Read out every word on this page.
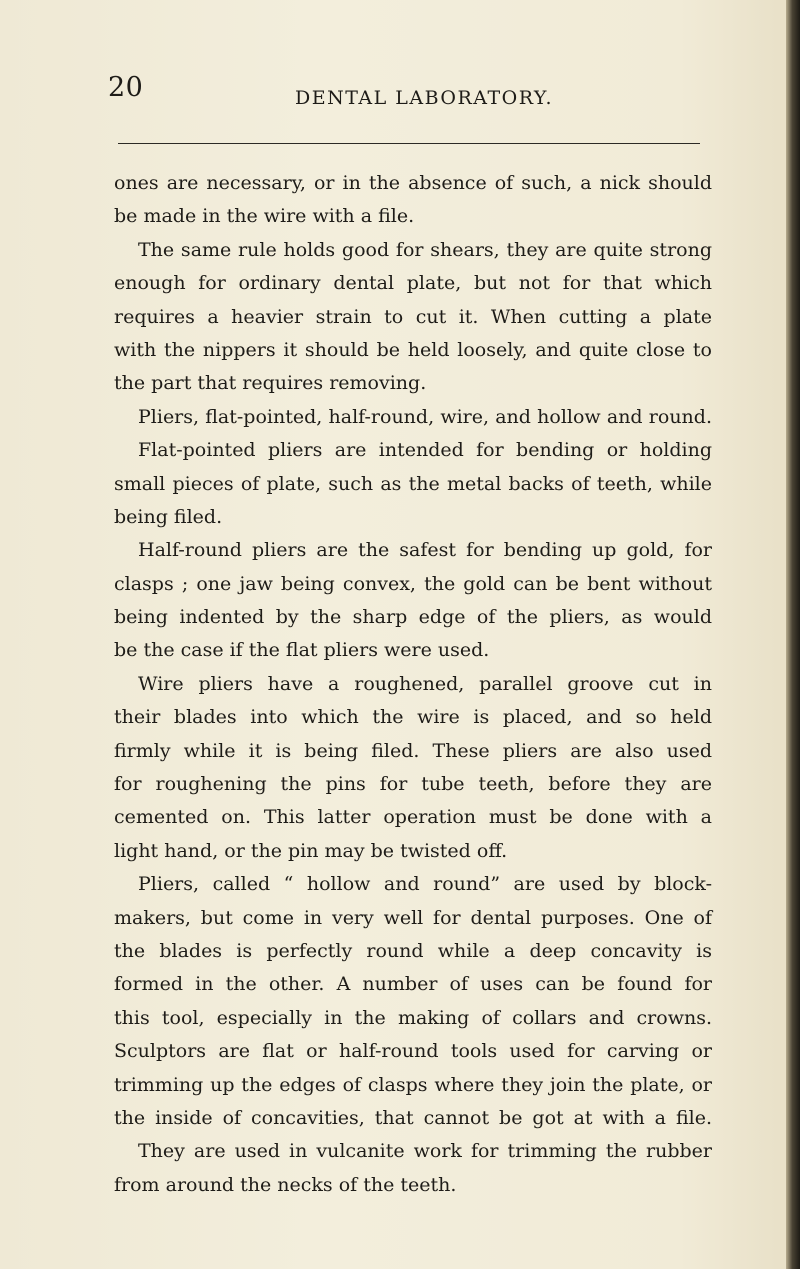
20	DENTAL LABORATORY.
ones are necessary, or in the absence of such, a nick should
be made in the wire with a file.
The same rule holds good for shears, they are quite strong
enough for ordinary dental plate, but not for that which
requires a heavier strain to cut it. When cutting a plate
with the nippers it should be held loosely, and quite close to
the part that requires removing.
Pliers, flat-pointed, half-round, wire, and hollow and round.
Flat-pointed pliers are intended for bending or holding
small pieces of plate, such as the metal backs of teeth, while
being filed.
Half-round pliers are the safest for bending up gold, for
clasps ; one jaw being convex, the gold can be bent without
being indented by the sharp edge of the pliers, as would
be the case if the flat pliers were used.
Wire pliers have a roughened, parallel groove cut in
their blades into which the wire is placed, and so held
firmly while it is being filed. These pliers are also used
for roughening the pins for tube teeth, before they are
cemented on. This latter operation must be done with a
light hand, or the pin may be twisted off.
Pliers, called “ hollow and round” are used by block-
makers, but come in very well for dental purposes. One of
the blades is perfectly round while a deep concavity is
formed in the other. A number of uses can be found for
this tool, especially in the making of collars and crowns.
Sculptors are flat or half-round tools used for carving or
trimming up the edges of clasps where they join the plate, or
the inside of concavities, that cannot be got at with a file.
They are used in vulcanite work for trimming the rubber
from around the necks of the teeth.
